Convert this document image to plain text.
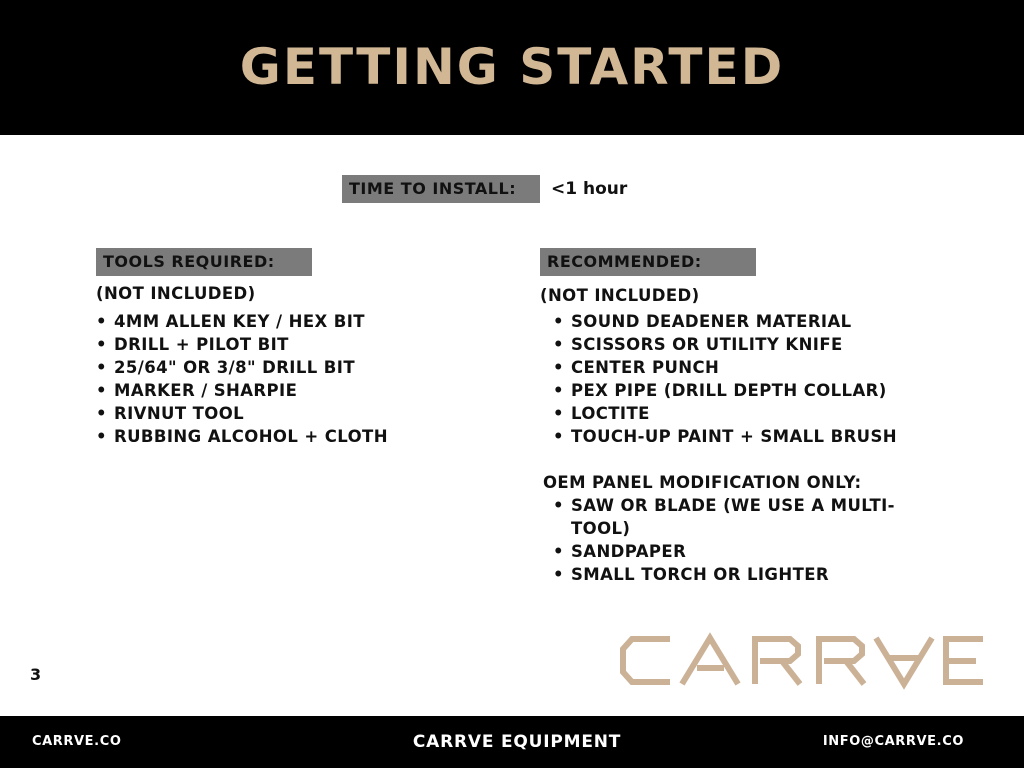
GETTING STARTED
TIME TO INSTALL:	<1 hour
TOOLS REQUIRED:
(NOT INCLUDED)
• 4MM ALLEN KEY / HEX BIT
• DRILL + PILOT BIT
• 25/64" OR 3/8" DRILL BIT
• MARKER / SHARPIE
• RIVNUT TOOL
• RUBBING ALCOHOL + CLOTH
RECOMMENDED:
(NOT INCLUDED)
• SOUND DEADENER MATERIAL
• SCISSORS OR UTILITY KNIFE
• CENTER PUNCH
• PEX PIPE (DRILL DEPTH COLLAR)
• LOCTITE
• TOUCH-UP PAINT + SMALL BRUSH
OEM PANEL MODIFICATION ONLY:
• SAW OR BLADE (WE USE A MULTI-TOOL)
• SANDPAPER
• SMALL TORCH OR LIGHTER
3
CARRVE.CO	CARRVE EQUIPMENT	INFO@CARRVE.CO
